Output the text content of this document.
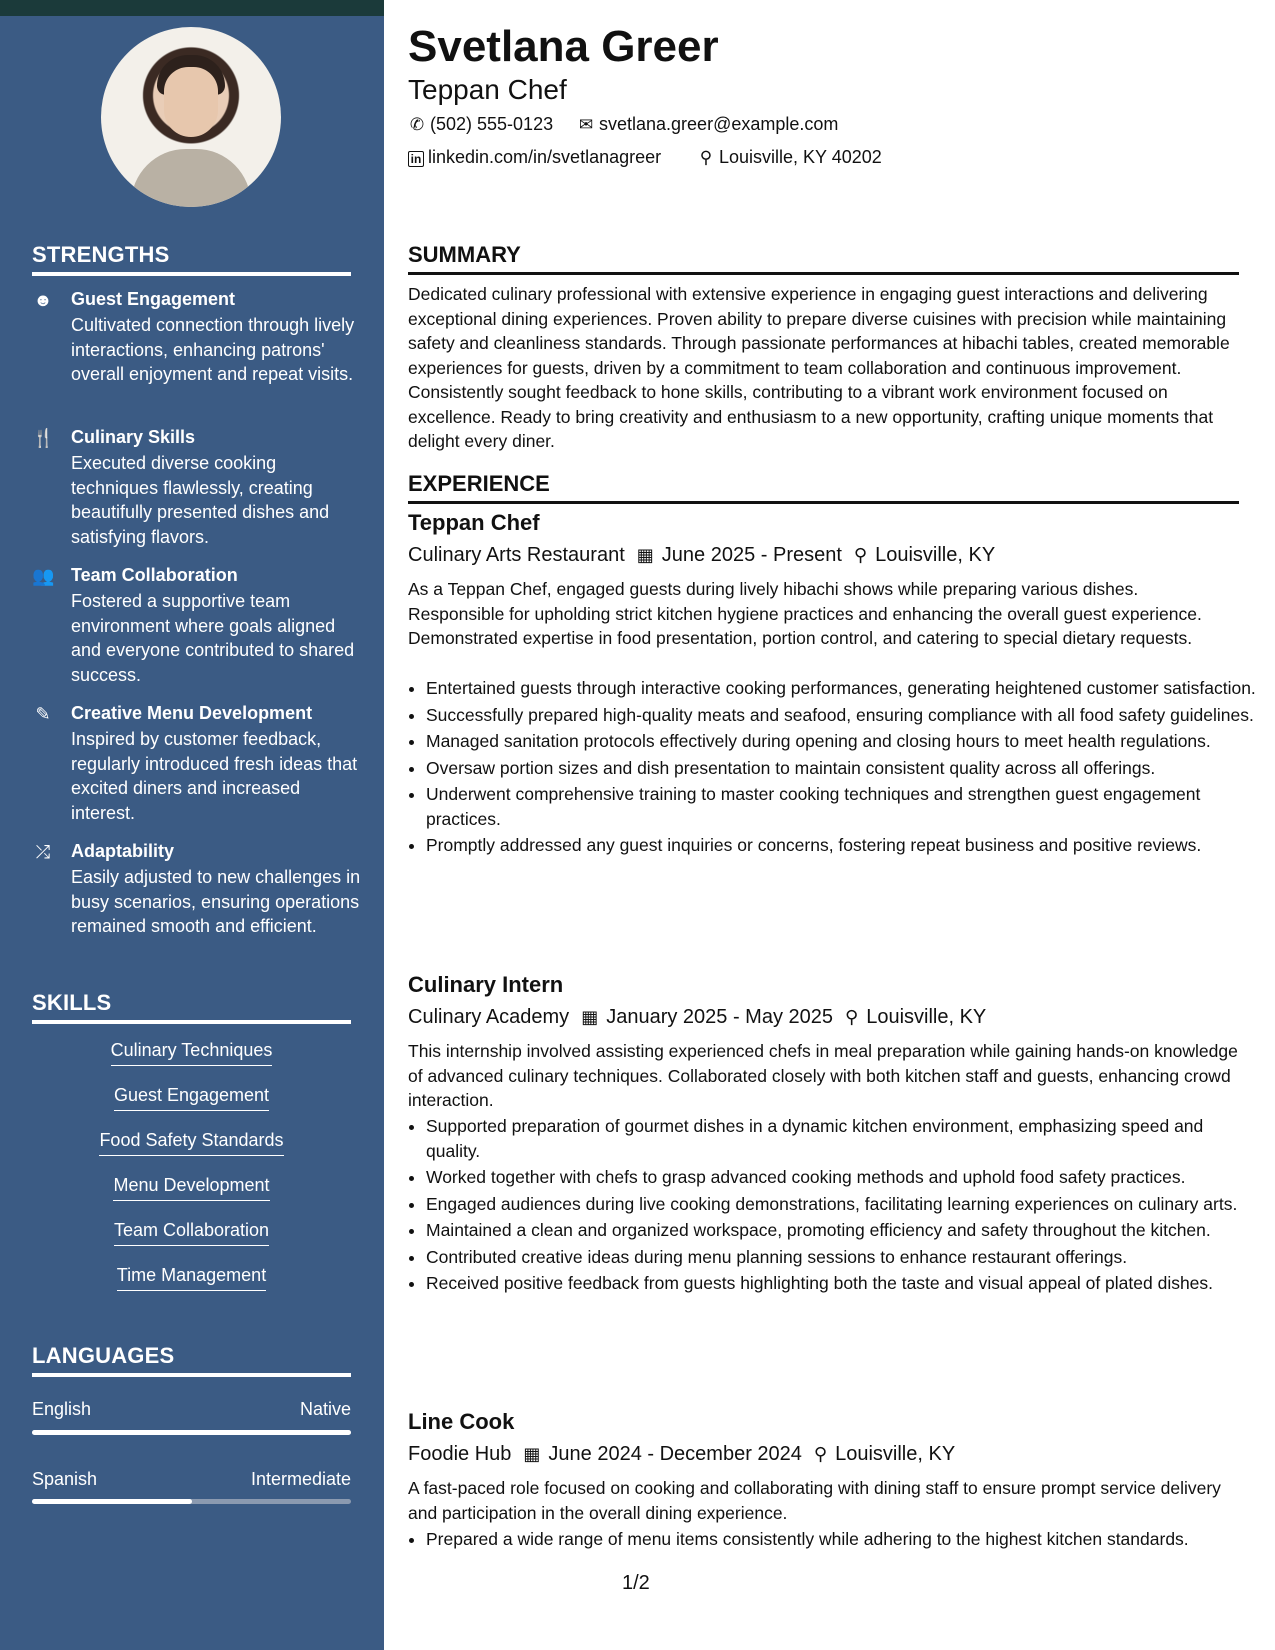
STRENGTHS
☻ Guest Engagement
Cultivated connection through lively interactions, enhancing patrons' overall enjoyment and repeat visits.
🍴 Culinary Skills
Executed diverse cooking techniques flawlessly, creating beautifully presented dishes and satisfying flavors.
👥 Team Collaboration
Fostered a supportive team environment where goals aligned and everyone contributed to shared success.
✎ Creative Menu Development
Inspired by customer feedback, regularly introduced fresh ideas that excited diners and increased interest.
⤮ Adaptability
Easily adjusted to new challenges in busy scenarios, ensuring operations remained smooth and efficient.
SKILLS
Culinary Techniques
Guest Engagement
Food Safety Standards
Menu Development
Team Collaboration
Time Management
LANGUAGES
English	Native
Spanish	Intermediate
Svetlana Greer
Teppan Chef
✆ (502) 555-0123 ✉ svetlana.greer@example.com
in linkedin.com/in/svetlanagreer ⚲ Louisville, KY 40202
SUMMARY
Dedicated culinary professional with extensive experience in engaging guest interactions and delivering exceptional dining experiences. Proven ability to prepare diverse cuisines with precision while maintaining safety and cleanliness standards. Through passionate performances at hibachi tables, created memorable experiences for guests, driven by a commitment to team collaboration and continuous improvement. Consistently sought feedback to hone skills, contributing to a vibrant work environment focused on excellence. Ready to bring creativity and enthusiasm to a new opportunity, crafting unique moments that delight every diner.
EXPERIENCE
Teppan Chef
Culinary Arts Restaurant ▦ June 2025 - Present ⚲ Louisville, KY
As a Teppan Chef, engaged guests during lively hibachi shows while preparing various dishes. Responsible for upholding strict kitchen hygiene practices and enhancing the overall guest experience. Demonstrated expertise in food presentation, portion control, and catering to special dietary requests.
• Entertained guests through interactive cooking performances, generating heightened customer satisfaction.
• Successfully prepared high-quality meats and seafood, ensuring compliance with all food safety guidelines.
• Managed sanitation protocols effectively during opening and closing hours to meet health regulations.
• Oversaw portion sizes and dish presentation to maintain consistent quality across all offerings.
• Underwent comprehensive training to master cooking techniques and strengthen guest engagement practices.
• Promptly addressed any guest inquiries or concerns, fostering repeat business and positive reviews.
Culinary Intern
Culinary Academy ▦ January 2025 - May 2025 ⚲ Louisville, KY
This internship involved assisting experienced chefs in meal preparation while gaining hands-on knowledge of advanced culinary techniques. Collaborated closely with both kitchen staff and guests, enhancing crowd interaction.
• Supported preparation of gourmet dishes in a dynamic kitchen environment, emphasizing speed and quality.
• Worked together with chefs to grasp advanced cooking methods and uphold food safety practices.
• Engaged audiences during live cooking demonstrations, facilitating learning experiences on culinary arts.
• Maintained a clean and organized workspace, promoting efficiency and safety throughout the kitchen.
• Contributed creative ideas during menu planning sessions to enhance restaurant offerings.
• Received positive feedback from guests highlighting both the taste and visual appeal of plated dishes.
Line Cook
Foodie Hub ▦ June 2024 - December 2024 ⚲ Louisville, KY
A fast-paced role focused on cooking and collaborating with dining staff to ensure prompt service delivery and participation in the overall dining experience.
• Prepared a wide range of menu items consistently while adhering to the highest kitchen standards.
1/2
